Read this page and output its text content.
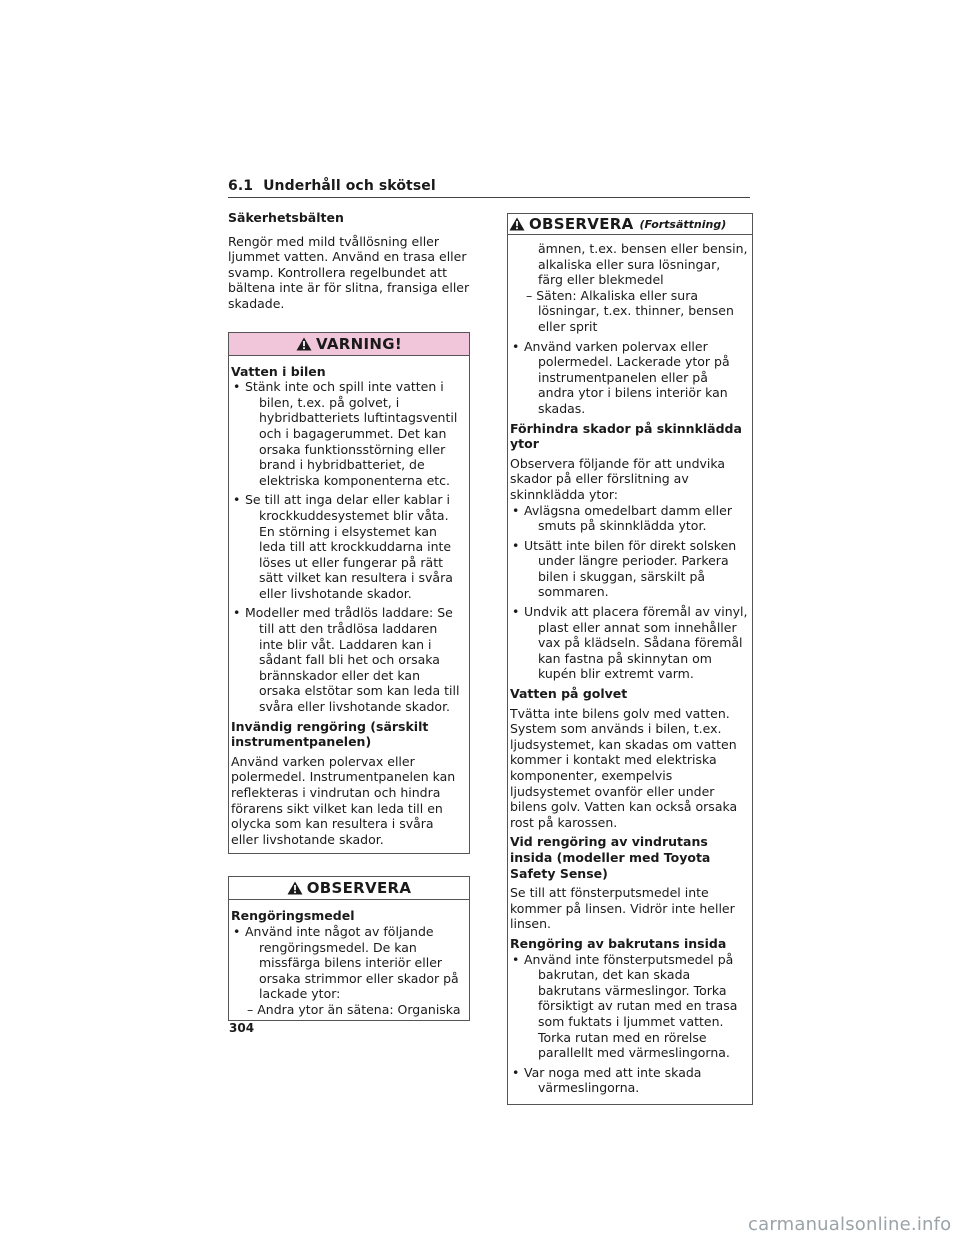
6.1 Underhåll och skötsel

Säkerhetsbälten

Rengör med mild tvållösning eller ljummet vatten. Använd en trasa eller svamp. Kontrollera regelbundet att bältena inte är för slitna, fransiga eller skadade.

VARNING!

Vatten i bilen

• Stänk inte och spill inte vatten i bilen, t.ex. på golvet, i hybridbatteriets luftintagsventil och i bagagerummet. Det kan orsaka funktionsstörning eller brand i hybridbatteriet, de elektriska komponenterna etc.
• Se till att inga delar eller kablar i krockkuddesystemet blir våta. En störning i elsystemet kan leda till att krockkuddarna inte löses ut eller fungerar på rätt sätt vilket kan resultera i svåra eller livshotande skador.
• Modeller med trådlös laddare: Se till att den trådlösa laddaren inte blir våt. Laddaren kan i sådant fall bli het och orsaka brännskador eller det kan orsaka elstötar som kan leda till svåra eller livshotande skador.

Invändig rengöring (särskilt instrumentpanelen)

Använd varken polervax eller polermedel. Instrumentpanelen kan reflekteras i vindrutan och hindra förarens sikt vilket kan leda till en olycka som kan resultera i svåra eller livshotande skador.

OBSERVERA

Rengöringsmedel

• Använd inte något av följande rengöringsmedel. De kan missfärga bilens interiör eller orsaka strimmor eller skador på lackade ytor:
– Andra ytor än sätena: Organiska
OBSERVERA (Fortsättning)
ämnen, t.ex. bensen eller bensin, alkaliska eller sura lösningar, färg eller blekmedel
– Säten: Alkaliska eller sura lösningar, t.ex. thinner, bensen eller sprit
• Använd varken polervax eller polermedel. Lackerade ytor på instrumentpanelen eller på andra ytor i bilens interiör kan skadas.

Förhindra skador på skinnklädda ytor

Observera följande för att undvika skador på eller förslitning av skinnklädda ytor:

• Avlägsna omedelbart damm eller smuts på skinnklädda ytor.
• Utsätt inte bilen för direkt solsken under längre perioder. Parkera bilen i skuggan, särskilt på sommaren.
• Undvik att placera föremål av vinyl, plast eller annat som innehåller vax på klädseln. Sådana föremål kan fastna på skinnytan om kupén blir extremt varm.

Vatten på golvet

Tvätta inte bilens golv med vatten. System som används i bilen, t.ex. ljudsystemet, kan skadas om vatten kommer i kontakt med elektriska komponenter, exempelvis ljudsystemet ovanför eller under bilens golv. Vatten kan också orsaka rost på karossen.

Vid rengöring av vindrutans insida (modeller med Toyota Safety Sense)

Se till att fönsterputsmedel inte kommer på linsen. Vidrör inte heller linsen.

Rengöring av bakrutans insida

• Använd inte fönsterputsmedel på bakrutan, det kan skada bakrutans värmeslingor. Torka försiktigt av rutan med en trasa som fuktats i ljummet vatten. Torka rutan med en rörelse parallellt med värmeslingorna.
• Var noga med att inte skada värmeslingorna.
304
carmanualsonline.info
